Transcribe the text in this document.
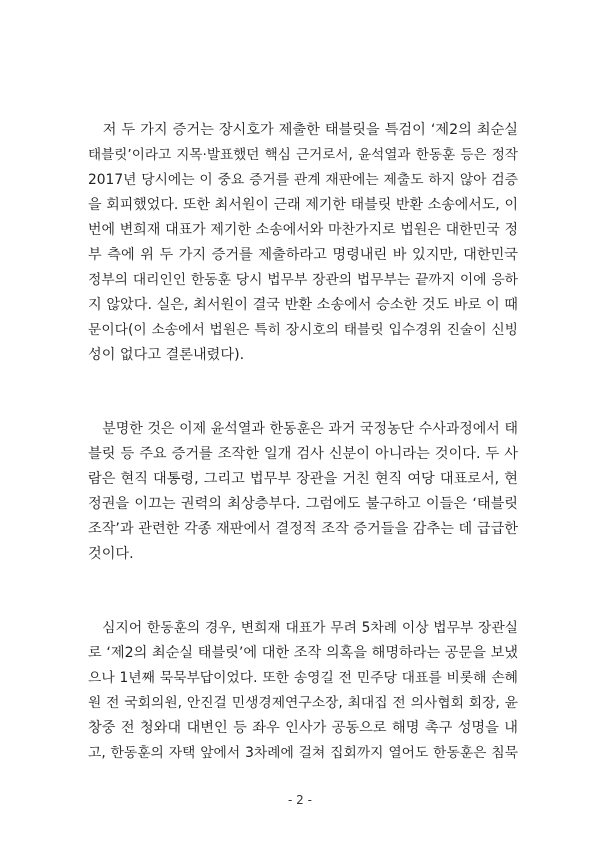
　저 두 가지 증거는 장시호가 제출한 태블릿을 특검이 ‘제2의 최순실
태블릿’이라고 지목·발표했던 핵심 근거로서, 윤석열과 한동훈 등은 정작
2017년 당시에는 이 중요 증거를 관계 재판에는 제출도 하지 않아 검증
을 회피했었다. 또한 최서원이 근래 제기한 태블릿 반환 소송에서도, 이
번에 변희재 대표가 제기한 소송에서와 마찬가지로 법원은 대한민국 정
부 측에 위 두 가지 증거를 제출하라고 명령내린 바 있지만, 대한민국
정부의 대리인인 한동훈 당시 법무부 장관의 법무부는 끝까지 이에 응하
지 않았다. 실은, 최서원이 결국 반환 소송에서 승소한 것도 바로 이 때
문이다(이 소송에서 법원은 특히 장시호의 태블릿 입수경위 진술이 신빙
성이 없다고 결론내렸다).

　분명한 것은 이제 윤석열과 한동훈은 과거 국정농단 수사과정에서 태
블릿 등 주요 증거를 조작한 일개 검사 신분이 아니라는 것이다. 두 사
람은 현직 대통령, 그리고 법무부 장관을 거친 현직 여당 대표로서, 현
정권을 이끄는 권력의 최상층부다. 그럼에도 불구하고 이들은 ‘태블릿
조작’과 관련한 각종 재판에서 결정적 조작 증거들을 감추는 데 급급한
것이다.

　심지어 한동훈의 경우, 변희재 대표가 무려 5차례 이상 법무부 장관실
로 ‘제2의 최순실 태블릿’에 대한 조작 의혹을 해명하라는 공문을 보냈
으나 1년째 묵묵부답이었다. 또한 송영길 전 민주당 대표를 비롯해 손혜
원 전 국회의원, 안진걸 민생경제연구소장, 최대집 전 의사협회 회장, 윤
창중 전 청와대 대변인 등 좌우 인사가 공동으로 해명 촉구 성명을 내
고, 한동훈의 자택 앞에서 3차례에 걸쳐 집회까지 열어도 한동훈은 침묵

- 2 -
